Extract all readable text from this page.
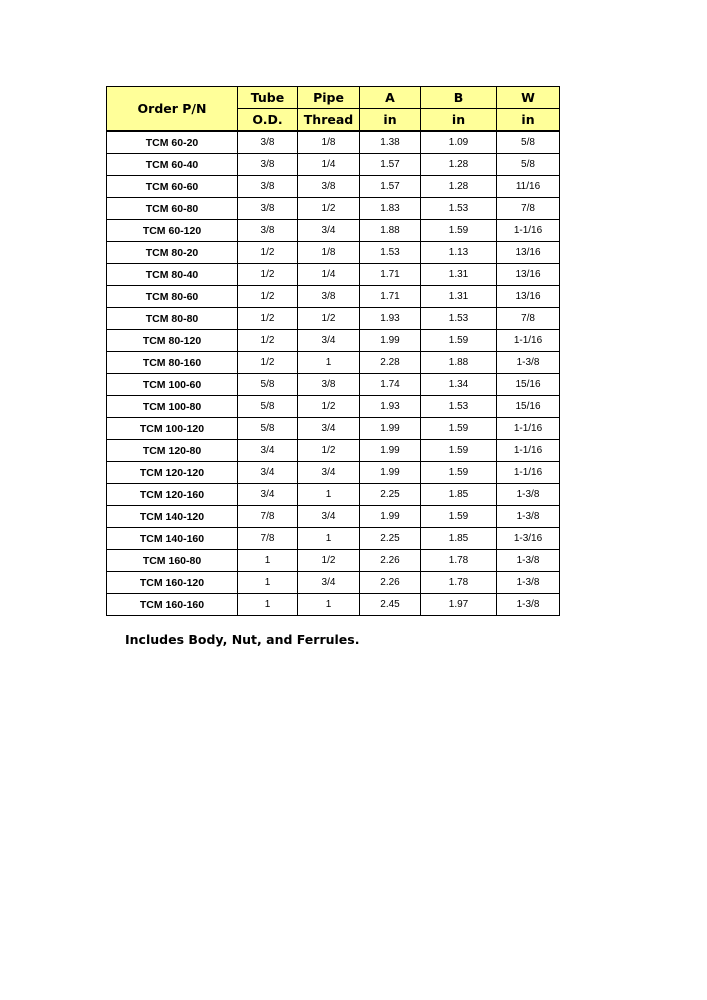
Order P/N	Tube	Pipe	A	B	W
	O.D.	Thread	in	in	in
TCM 60-20	3/8	1/8	1.38	1.09	5/8
TCM 60-40	3/8	1/4	1.57	1.28	5/8
TCM 60-60	3/8	3/8	1.57	1.28	11/16
TCM 60-80	3/8	1/2	1.83	1.53	7/8
TCM 60-120	3/8	3/4	1.88	1.59	1-1/16
TCM 80-20	1/2	1/8	1.53	1.13	13/16
TCM 80-40	1/2	1/4	1.71	1.31	13/16
TCM 80-60	1/2	3/8	1.71	1.31	13/16
TCM 80-80	1/2	1/2	1.93	1.53	7/8
TCM 80-120	1/2	3/4	1.99	1.59	1-1/16
TCM 80-160	1/2	1	2.28	1.88	1-3/8
TCM 100-60	5/8	3/8	1.74	1.34	15/16
TCM 100-80	5/8	1/2	1.93	1.53	15/16
TCM 100-120	5/8	3/4	1.99	1.59	1-1/16
TCM 120-80	3/4	1/2	1.99	1.59	1-1/16
TCM 120-120	3/4	3/4	1.99	1.59	1-1/16
TCM 120-160	3/4	1	2.25	1.85	1-3/8
TCM 140-120	7/8	3/4	1.99	1.59	1-3/8
TCM 140-160	7/8	1	2.25	1.85	1-3/16
TCM 160-80	1	1/2	2.26	1.78	1-3/8
TCM 160-120	1	3/4	2.26	1.78	1-3/8
TCM 160-160	1	1	2.45	1.97	1-3/8
Includes Body, Nut, and Ferrules.
